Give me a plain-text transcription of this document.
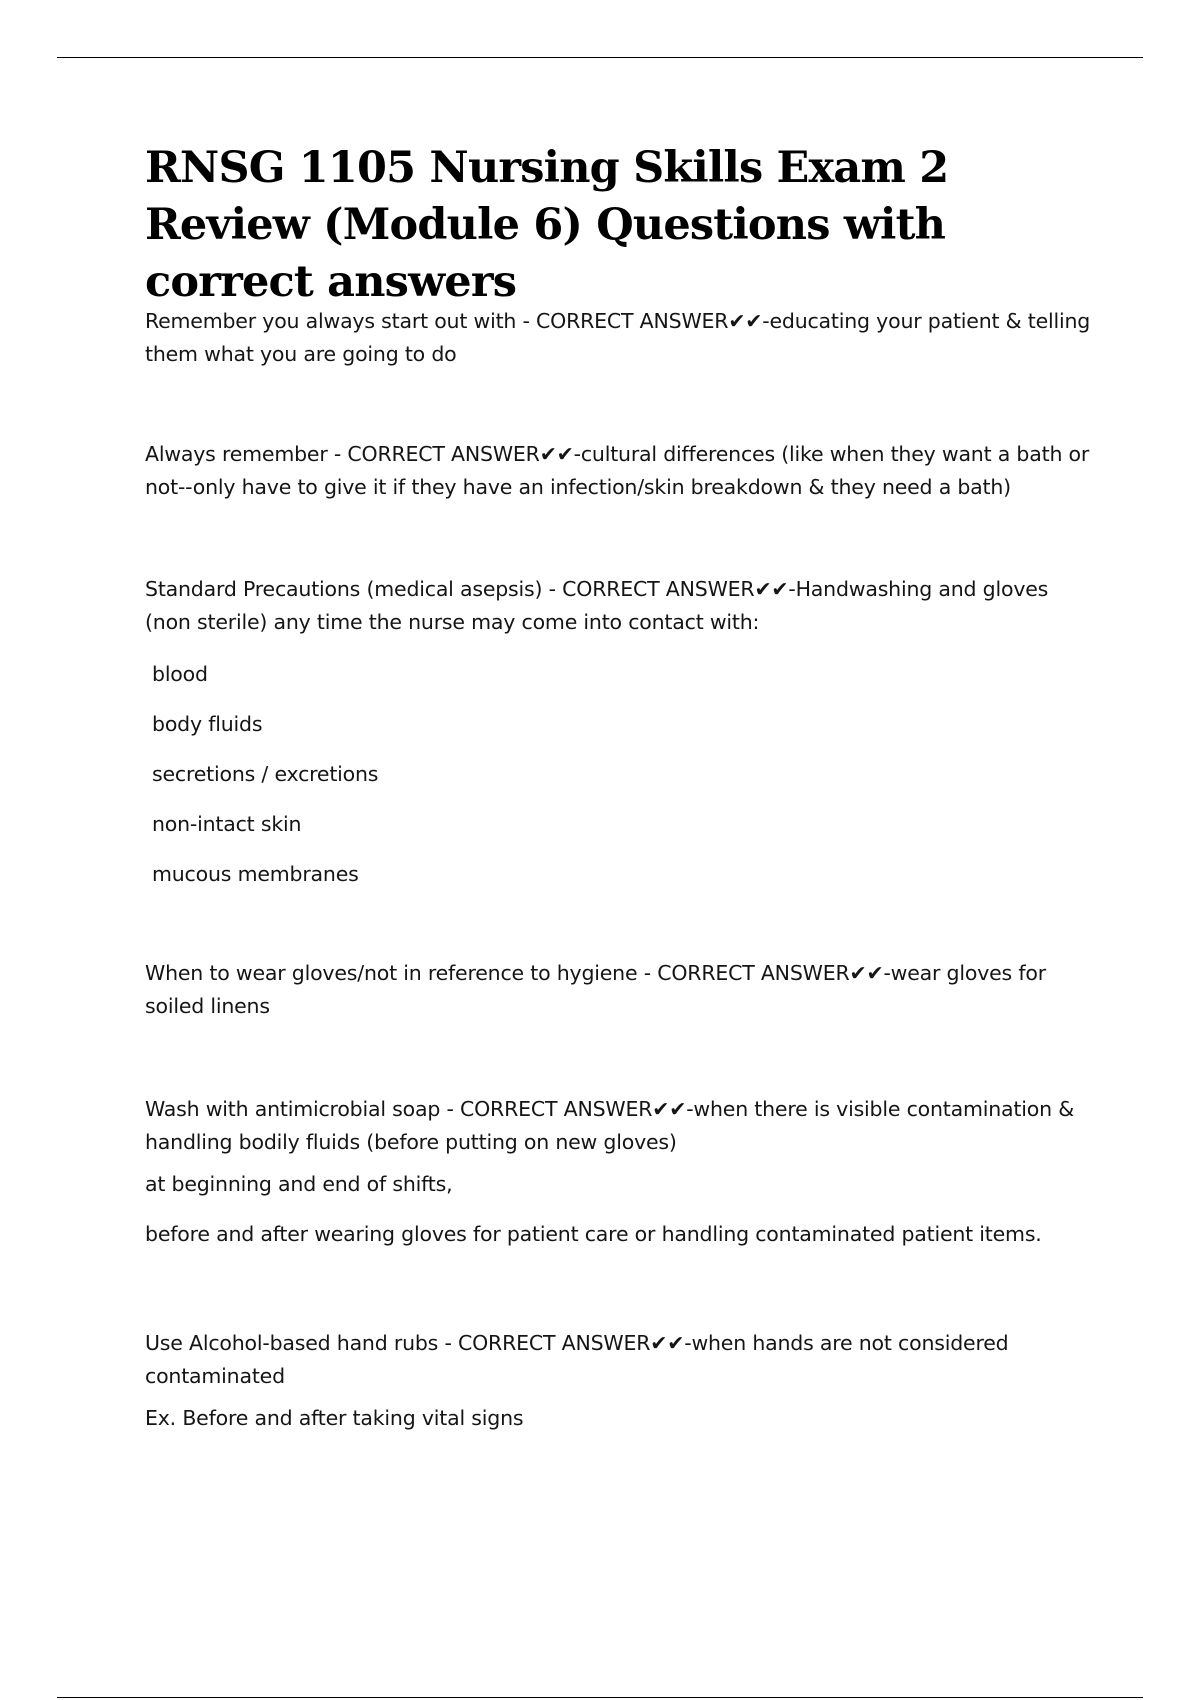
RNSG 1105 Nursing Skills Exam 2 Review (Module 6) Questions with correct answers

Remember you always start out with - CORRECT ANSWER✔✔-educating your patient & telling them what you are going to do

Always remember - CORRECT ANSWER✔✔-cultural differences (like when they want a bath or not--only have to give it if they have an infection/skin breakdown & they need a bath)

Standard Precautions (medical asepsis) - CORRECT ANSWER✔✔-Handwashing and gloves (non sterile) any time the nurse may come into contact with:

blood

body fluids

secretions / excretions

non-intact skin

mucous membranes

When to wear gloves/not in reference to hygiene - CORRECT ANSWER✔✔-wear gloves for soiled linens

Wash with antimicrobial soap - CORRECT ANSWER✔✔-when there is visible contamination & handling bodily fluids (before putting on new gloves)

at beginning and end of shifts,

before and after wearing gloves for patient care or handling contaminated patient items.

Use Alcohol-based hand rubs - CORRECT ANSWER✔✔-when hands are not considered contaminated

Ex. Before and after taking vital signs
